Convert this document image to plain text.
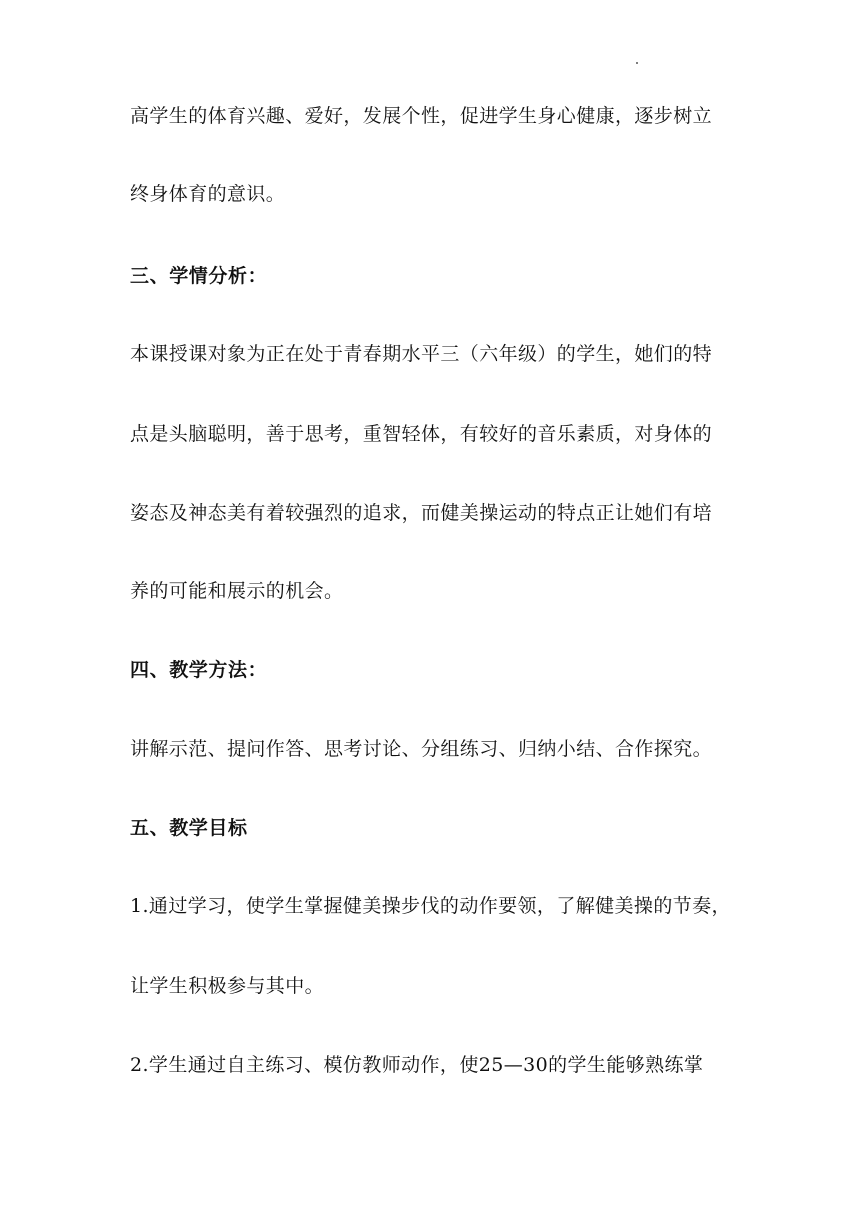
高学生的体育兴趣、爱好，发展个性，促进学生身心健康，逐步树立
终身体育的意识。
三、学情分析：
本课授课对象为正在处于青春期水平三（六年级）的学生，她们的特
点是头脑聪明，善于思考，重智轻体，有较好的音乐素质，对身体的
姿态及神态美有着较强烈的追求，而健美操运动的特点正让她们有培
养的可能和展示的机会。
四、教学方法：
讲解示范、提问作答、思考讨论、分组练习、归纳小结、合作探究。
五、教学目标
1.通过学习，使学生掌握健美操步伐的动作要领，了解健美操的节奏，
让学生积极参与其中。
2.学生通过自主练习、模仿教师动作，使25—30的学生能够熟练掌
